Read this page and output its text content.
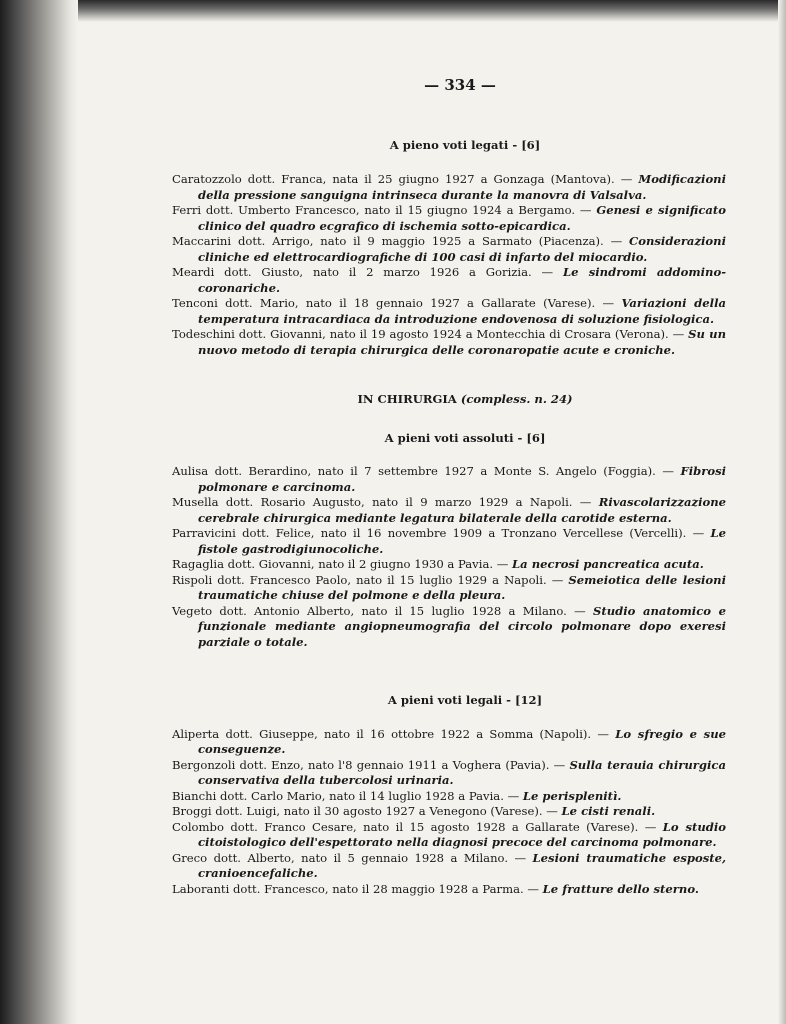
— 334 —
A pieno voti legati - [6]

Caratozzolo dott. Franca, nata il 25 giugno 1927 a Gonzaga (Mantova). — Modificazioni della pressione sanguigna intrinseca durante la manovra di Valsalva.

Ferri dott. Umberto Francesco, nato il 15 giugno 1924 a Bergamo. — Genesi e significato clinico del quadro ecgrafico di ischemia sotto-epicardica.

Maccarini dott. Arrigo, nato il 9 maggio 1925 a Sarmato (Piacenza). — Considerazioni cliniche ed elettrocardiografiche di 100 casi di infarto del miocardio.

Meardi dott. Giusto, nato il 2 marzo 1926 a Gorizia. — Le sindromi addomino-coronariche.

Tenconi dott. Mario, nato il 18 gennaio 1927 a Gallarate (Varese). — Variazioni della temperatura intracardiaca da introduzione endovenosa di soluzione fisiologica.

Todeschini dott. Giovanni, nato il 19 agosto 1924 a Montecchia di Crosara (Verona). — Su un nuovo metodo di terapia chirurgica delle coronaropatie acute e croniche.

IN CHIRURGIA (compless. n. 24)
A pieni voti assoluti - [6]

Aulisa dott. Berardino, nato il 7 settembre 1927 a Monte S. Angelo (Foggia). — Fibrosi polmonare e carcinoma.

Musella dott. Rosario Augusto, nato il 9 marzo 1929 a Napoli. — Rivascolarizzazione cerebrale chirurgica mediante legatura bilaterale della carotide esterna.

Parravicini dott. Felice, nato il 16 novembre 1909 a Tronzano Vercellese (Vercelli). — Le fistole gastrodigiunocoliche.

Ragaglia dott. Giovanni, nato il 2 giugno 1930 a Pavia. — La necrosi pancreatica acuta.

Rispoli dott. Francesco Paolo, nato il 15 luglio 1929 a Napoli. — Semeiotica delle lesioni traumatiche chiuse del polmone e della pleura.

Vegeto dott. Antonio Alberto, nato il 15 luglio 1928 a Milano. — Studio anatomico e funzionale mediante angiopneumografia del circolo polmonare dopo exeresi parziale o totale.

A pieni voti legali - [12]

Aliperta dott. Giuseppe, nato il 16 ottobre 1922 a Somma (Napoli). — Lo sfregio e sue conseguenze.

Bergonzoli dott. Enzo, nato l'8 gennaio 1911 a Voghera (Pavia). — Sulla terauia chirurgica conservativa della tubercolosi urinaria.

Bianchi dott. Carlo Mario, nato il 14 luglio 1928 a Pavia. — Le perisplenitì.

Broggi dott. Luigi, nato il 30 agosto 1927 a Venegono (Varese). — Le cisti renali.

Colombo dott. Franco Cesare, nato il 15 agosto 1928 a Gallarate (Varese). — Lo studio citoistologico dell'espettorato nella diagnosi precoce del carcinoma polmonare.

Greco dott. Alberto, nato il 5 gennaio 1928 a Milano. — Lesioni traumatiche esposte, cranioencefaliche.

Laboranti dott. Francesco, nato il 28 maggio 1928 a Parma. — Le fratture dello sterno.
